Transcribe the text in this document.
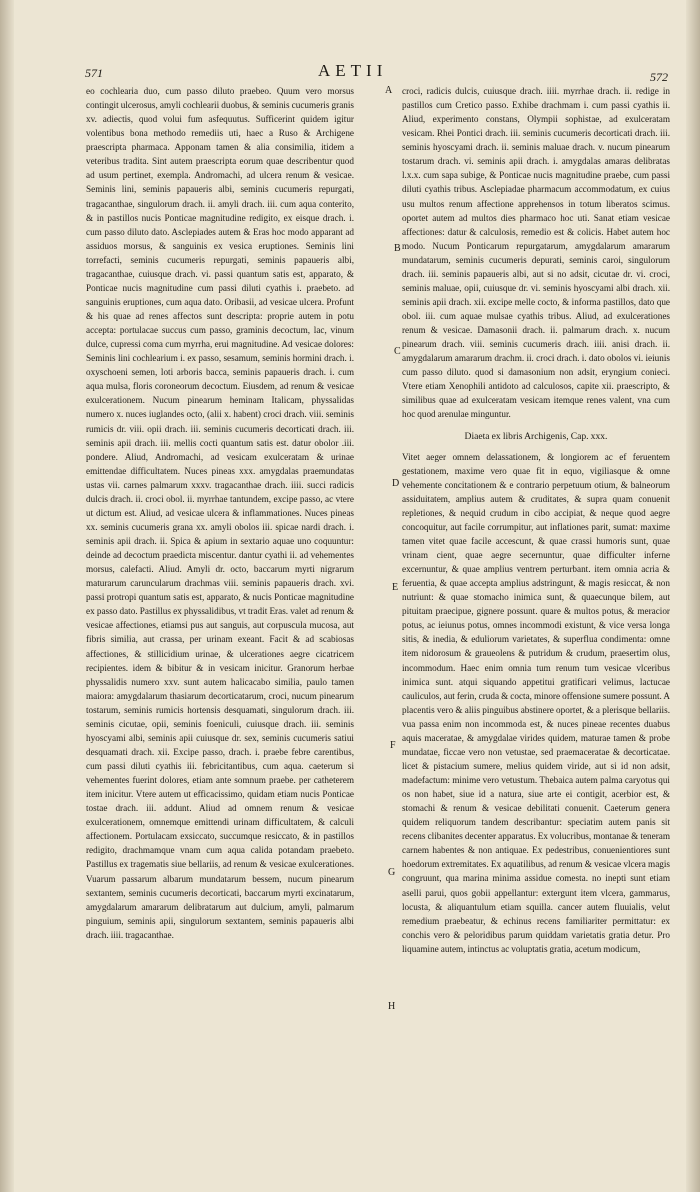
571	AETII	572

eo cochlearia duo, cum passo diluto praebeo. Quum vero morsus contingit ulcerosus, amyli cochlearii duobus, & seminis cucumeris granis xv. adiectis, quod volui fum asfequutus. Sufficerint quidem igitur volentibus bona methodo remediis uti, haec a Ruso & Archigene praescripta pharmaca. Apponam tamen & alia consimilia, itidem a veteribus tradita. Sint autem praescripta eorum quae describentur quod ad usum pertinet, exempla. Andromachi, ad ulcera renum & vesicae. Seminis lini, seminis papaueris albi, seminis cucumeris repurgati, tragacanthae, singulorum drach. ii. amyli drach. iii. cum aqua conterito, & in pastillos nucis Ponticae magnitudine redigito, ex eisque drach. i. cum passo diluto dato. Asclepiades autem & Eras hoc modo apparant ad assiduos morsus, & sanguinis ex vesica eruptiones. Seminis lini torrefacti, seminis cucumeris repurgati, seminis papaueris albi, tragacanthae, cuiusque drach. vi. passi quantum satis est, apparato, & Ponticae nucis magnitudine cum passi diluti cyathis i. praebeto. ad sanguinis eruptiones, cum aqua dato. Oribasii, ad vesicae ulcera. Profunt & his quae ad renes affectos sunt descripta: proprie autem in potu accepta: portulacae succus cum passo, graminis decoctum, lac, vinum dulce, cupressi coma cum myrrha, erui magnitudine. Ad vesicae dolores: Seminis lini cochlearium i. ex passo, sesamum, seminis hormini drach. i. oxyschoeni semen, loti arboris bacca, seminis papaueris drach. i. cum aqua mulsa, floris coroneorum decoctum. Eiusdem, ad renum & vesicae exulcerationem. Nucum pinearum heminam Italicam, physsalidas numero x. nuces iuglandes octo, (alii x. habent) croci drach. viii. seminis rumicis dr. viii. opii drach. iii. seminis cucumeris decorticati drach. iii. seminis apii drach. iii. mellis cocti quantum satis est. datur obolor .iii. pondere. Aliud, Andromachi, ad vesicam exulceratam & urinae emittendae difficultatem. Nuces pineas xxx. amygdalas praemundatas ustas vii. carnes palmarum xxxv. tragacanthae drach. iiii. succi radicis dulcis drach. ii. croci obol. ii. myrrhae tantundem, excipe passo, ac vtere ut dictum est. Aliud, ad vesicae ulcera & inflammationes. Nuces pineas xx. seminis cucumeris grana xx. amyli obolos iii. spicae nardi drach. i. seminis apii drach. ii. Spica & apium in sextario aquae uno coquuntur: deinde ad decoctum praedicta miscentur. dantur cyathi ii. ad vehementes morsus, calefacti. Aliud. Amyli dr. octo, baccarum myrti nigrarum maturarum caruncularum drachmas viii. seminis papaueris drach. xvi. passi protropi quantum satis est, apparato, & nucis Ponticae magnitudine ex passo dato. Pastillus ex physsalidibus, vt tradit Eras. valet ad renum & vesicae affectiones, etiamsi pus aut sanguis, aut corpuscula mucosa, aut fibris similia, aut crassa, per urinam exeant. Facit & ad scabiosas affectiones, & stillicidium urinae, & ulcerationes aegre cicatricem recipientes. idem & bibitur & in vesicam inicitur. Granorum herbae physsalidis numero xxv. sunt autem halicacabo similia, paulo tamen maiora: amygdalarum thasiarum decorticatarum, croci, nucum pinearum tostarum, seminis rumicis hortensis desquamati, singulorum drach. iii. seminis cicutae, opii, seminis foeniculi, cuiusque drach. iii. seminis hyoscyami albi, seminis apii cuiusque dr. sex, seminis cucumeris satiui desquamati drach. xii. Excipe passo, drach. i. praebe febre carentibus, cum passi diluti cyathis iii. febricitantibus, cum aqua. caeterum si vehementes fuerint dolores, etiam ante somnum praebe. per catheterem item inicitur. Vtere autem ut efficacissimo, quidam etiam nucis Ponticae tostae drach. iii. addunt. Aliud ad omnem renum & vesicae exulcerationem, omnemque emittendi urinam difficultatem, & calculi affectionem. Portulacam exsiccato, succumque resiccato, & in pastillos redigito, drachmamque vnam cum aqua calida potandam praebeto. Pastillus ex tragematis siue bellariis, ad renum & vesicae exulcerationes. Vuarum passarum albarum mundatarum bessem, nucum pinearum sextantem, seminis cucumeris decorticati, baccarum myrti excinatarum, amygdalarum amararum delibratarum aut dulcium, amyli, palmarum pinguium, seminis apii, singulorum sextantem, seminis papaueris albi drach. iiii. tragacanthae.

croci, radicis dulcis, cuiusque drach. iiii. myrrhae drach. ii. redige in pastillos cum Cretico passo. Exhibe drachmam i. cum passi cyathis ii. Aliud, experimento constans, Olympii sophistae, ad exulceratam vesicam. Rhei Pontici drach. iii. seminis cucumeris decorticati drach. iii. seminis hyoscyami drach. ii. seminis maluae drach. v. nucum pinearum tostarum drach. vi. seminis apii drach. i. amygdalas amaras delibratas l.x.x. cum sapa subige, & Ponticae nucis magnitudine praebe, cum passi diluti cyathis tribus. Asclepiadae pharmacum accommodatum, ex cuius usu multos renum affectione apprehensos in totum liberatos scimus. oportet autem ad multos dies pharmaco hoc uti. Sanat etiam vesicae affectiones: datur & calculosis, remedio est & colicis. Habet autem hoc modo. Nucum Ponticarum repurgatarum, amygdalarum amararum mundatarum, seminis cucumeris depurati, seminis caroi, singulorum drach. iii. seminis papaueris albi, aut si no adsit, cicutae dr. vi. croci, seminis maluae, opii, cuiusque dr. vi. seminis hyoscyami albi drach. xii. seminis apii drach. xii. excipe melle cocto, & informa pastillos, dato que obol. iii. cum aquae mulsae cyathis tribus. Aliud, ad exulcerationes renum & vesicae. Damasonii drach. ii. palmarum drach. x. nucum pinearum drach. viii. seminis cucumeris drach. iiii. anisi drach. ii. amygdalarum amararum drachm. ii. croci drach. i. dato obolos vi. ieiunis cum passo diluto. quod si damasonium non adsit, eryngium conieci. Vtere etiam Xenophili antidoto ad calculosos, capite xii. praescripto, & similibus quae ad exulceratam vesicam itemque renes valent, vna cum hoc quod arenulae minguntur.

Diaeta ex libris Archigenis, Cap. xxx.

Vitet aeger omnem delassationem, & longiorem ac ef feruentem gestationem, maxime vero quae fit in equo, vigiliasque & omne vehemente concitationem & e contrario perpetuum otium, & balneorum assiduitatem, amplius autem & cruditates, & supra quam conuenit repletiones, & nequid crudum in cibo accipiat, & neque quod aegre concoquitur, aut facile corrumpitur, aut inflationes parit, sumat: maxime tamen vitet quae facile accescunt, & quae crassi humoris sunt, quae vrinam cient, quae aegre secernuntur, quae difficulter inferne excernuntur, & quae amplius ventrem perturbant. item omnia acria & feruentia, & quae accepta amplius adstringunt, & magis resiccat, & non nutriunt: & quae stomacho inimica sunt, & quaecunque bilem, aut pituitam praecipue, gignere possunt. quare & multos potus, & meracior potus, ac ieiunus potus, omnes incommodi existunt, & vice versa longa sitis, & inedia, & eduliorum varietates, & superflua condimenta: omne item nidorosum & graueolens & putridum & crudum, praesertim olus, incommodum. Haec enim omnia tum renum tum vesicae vlceribus inimica sunt. atqui siquando appetitui gratificari velimus, lactucae cauliculos, aut ferin, cruda & cocta, minore offensione sumere possunt. A placentis vero & aliis pinguibus abstinere oportet, & a plerisque bellariis. vua passa enim non incommoda est, & nuces pineae recentes duabus aquis maceratae, & amygdalae virides quidem, maturae tamen & probe mundatae, ficcae vero non vetustae, sed praemaceratae & decorticatae. licet & pistacium sumere, melius quidem viride, aut si id non adsit, madefactum: minime vero vetustum. Thebaica autem palma caryotus qui os non habet, siue id a natura, siue arte ei contigit, acerbior est, & stomachi & renum & vesicae debilitati conuenit. Caeterum genera quidem reliquorum tandem describantur: speciatim autem panis sit recens clibanites decenter apparatus. Ex volucribus, montanae & teneram carnem habentes & non antiquae. Ex pedestribus, conuenientiores sunt hoedorum extremitates. Ex aquatilibus, ad renum & vesicae vlcera magis congruunt, qua marina minima assidue comesta. no inepti sunt etiam aselli parui, quos gobii appellantur: extergunt item vlcera, gammarus, locusta, & aliquantulum etiam squilla. cancer autem fluuialis, velut remedium praebeatur, & echinus recens familiariter permittatur: ex conchis vero & peloridibus parum quiddam varietatis gratia detur. Pro liquamine autem, intinctus ac voluptatis gratia, acetum modicum,

A
B
C
D
E
F
G
H
